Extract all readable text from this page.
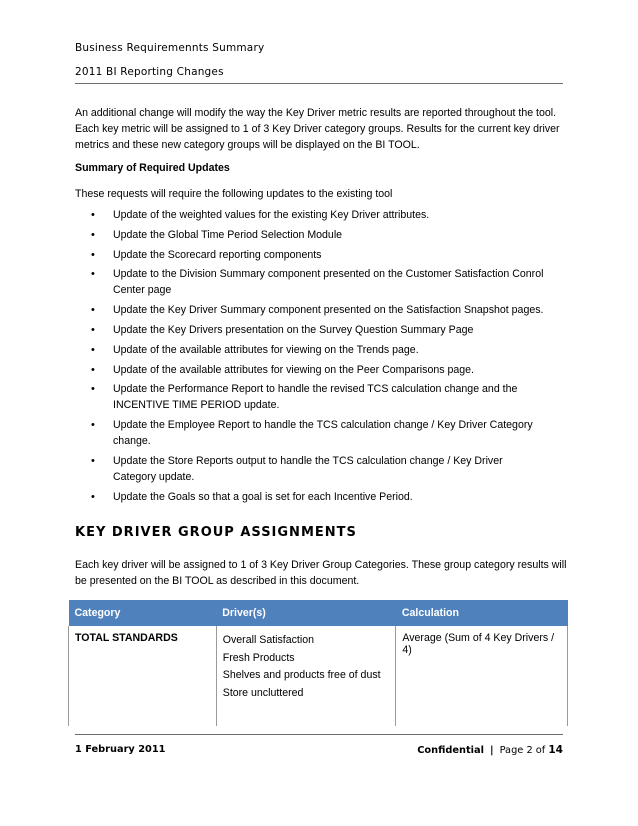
Business Requiremennts Summary
2011 BI Reporting Changes
An additional change will modify the way the Key Driver metric results are reported throughout the tool. Each key metric will be assigned to 1 of 3 Key Driver category groups. Results for the current key driver metrics and these new category groups will be displayed on the BI TOOL.
Summary of Required Updates
These requests will require the following updates to the existing tool
• Update of the weighted values for the existing Key Driver attributes.
• Update the Global Time Period Selection Module
• Update the Scorecard reporting components
• Update to the Division Summary component presented on the Customer Satisfaction Conrol Center page
• Update the Key Driver Summary component presented on the Satisfaction Snapshot pages.
• Update the Key Drivers presentation on the Survey Question Summary Page
• Update of the available attributes for viewing on the Trends page.
• Update of the available attributes for viewing on the Peer Comparisons page.
• Update the Performance Report to handle the revised TCS calculation change and the INCENTIVE TIME PERIOD update.
• Update the Employee Report to handle the TCS calculation change / Key Driver Category change.
• Update the Store Reports output to handle the TCS calculation change / Key Driver Category update.
• Update the Goals so that a goal is set for each Incentive Period.
KEY DRIVER GROUP ASSIGNMENTS
Each key driver will be assigned to 1 of 3 Key Driver Group Categories. These group category results will be presented on the BI TOOL as described in this document.
Category	Driver(s)	Calculation
TOTAL STANDARDS	Overall Satisfaction
Fresh Products
Shelves and products free of dust
Store uncluttered	Average (Sum of 4 Key Drivers / 4)
1 February 2011	Confidential | Page 2 of 14
